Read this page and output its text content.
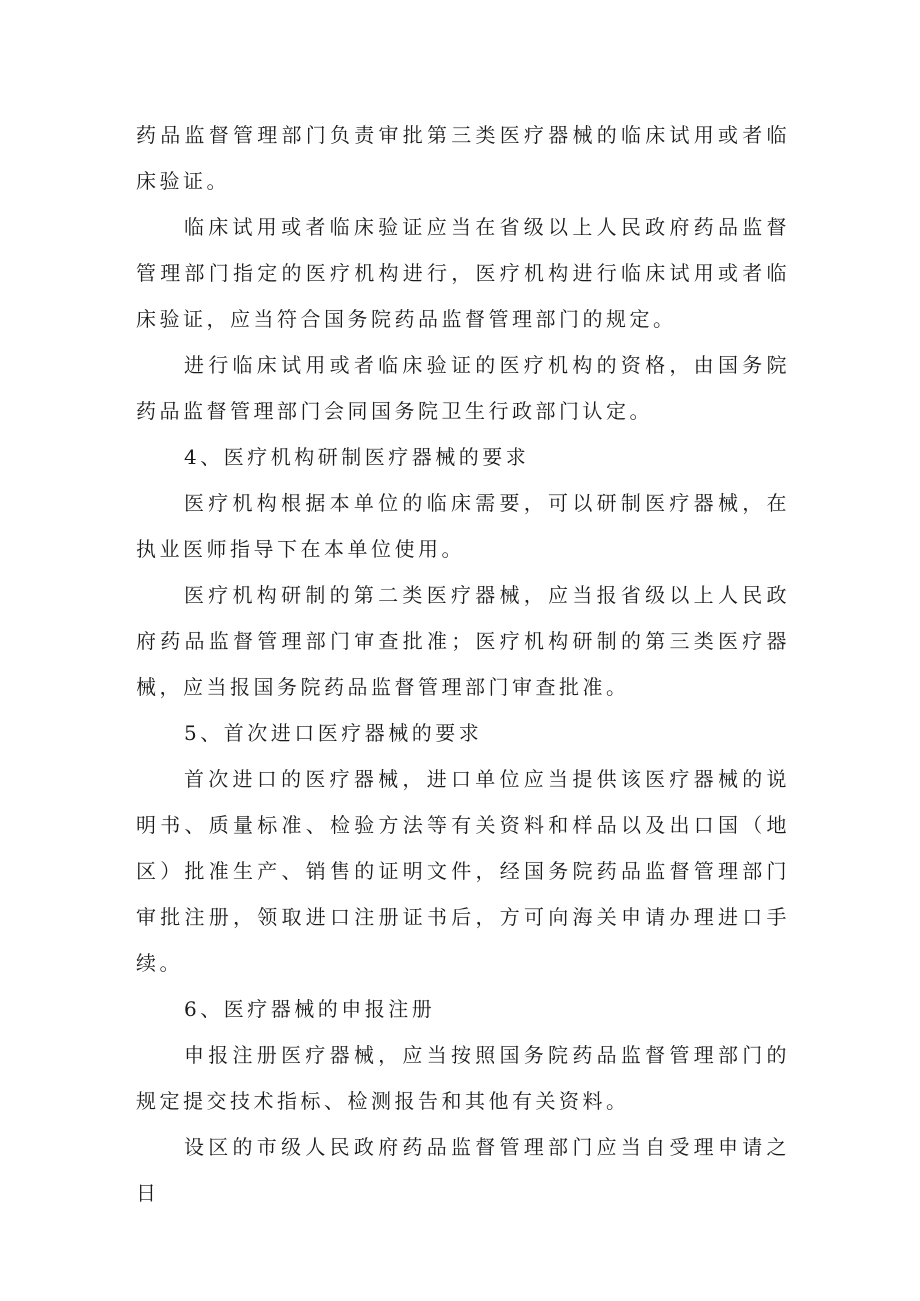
药品监督管理部门负责审批第三类医疗器械的临床试用或者临床验证。

临床试用或者临床验证应当在省级以上人民政府药品监督管理部门指定的医疗机构进行，医疗机构进行临床试用或者临床验证，应当符合国务院药品监督管理部门的规定。

进行临床试用或者临床验证的医疗机构的资格，由国务院药品监督管理部门会同国务院卫生行政部门认定。

4、医疗机构研制医疗器械的要求

医疗机构根据本单位的临床需要，可以研制医疗器械，在执业医师指导下在本单位使用。

医疗机构研制的第二类医疗器械，应当报省级以上人民政府药品监督管理部门审查批准；医疗机构研制的第三类医疗器械，应当报国务院药品监督管理部门审查批准。

5、首次进口医疗器械的要求

首次进口的医疗器械，进口单位应当提供该医疗器械的说明书、质量标准、检验方法等有关资料和样品以及出口国（地区）批准生产、销售的证明文件，经国务院药品监督管理部门审批注册，领取进口注册证书后，方可向海关申请办理进口手续。

6、医疗器械的申报注册

申报注册医疗器械，应当按照国务院药品监督管理部门的规定提交技术指标、检测报告和其他有关资料。

设区的市级人民政府药品监督管理部门应当自受理申请之日
